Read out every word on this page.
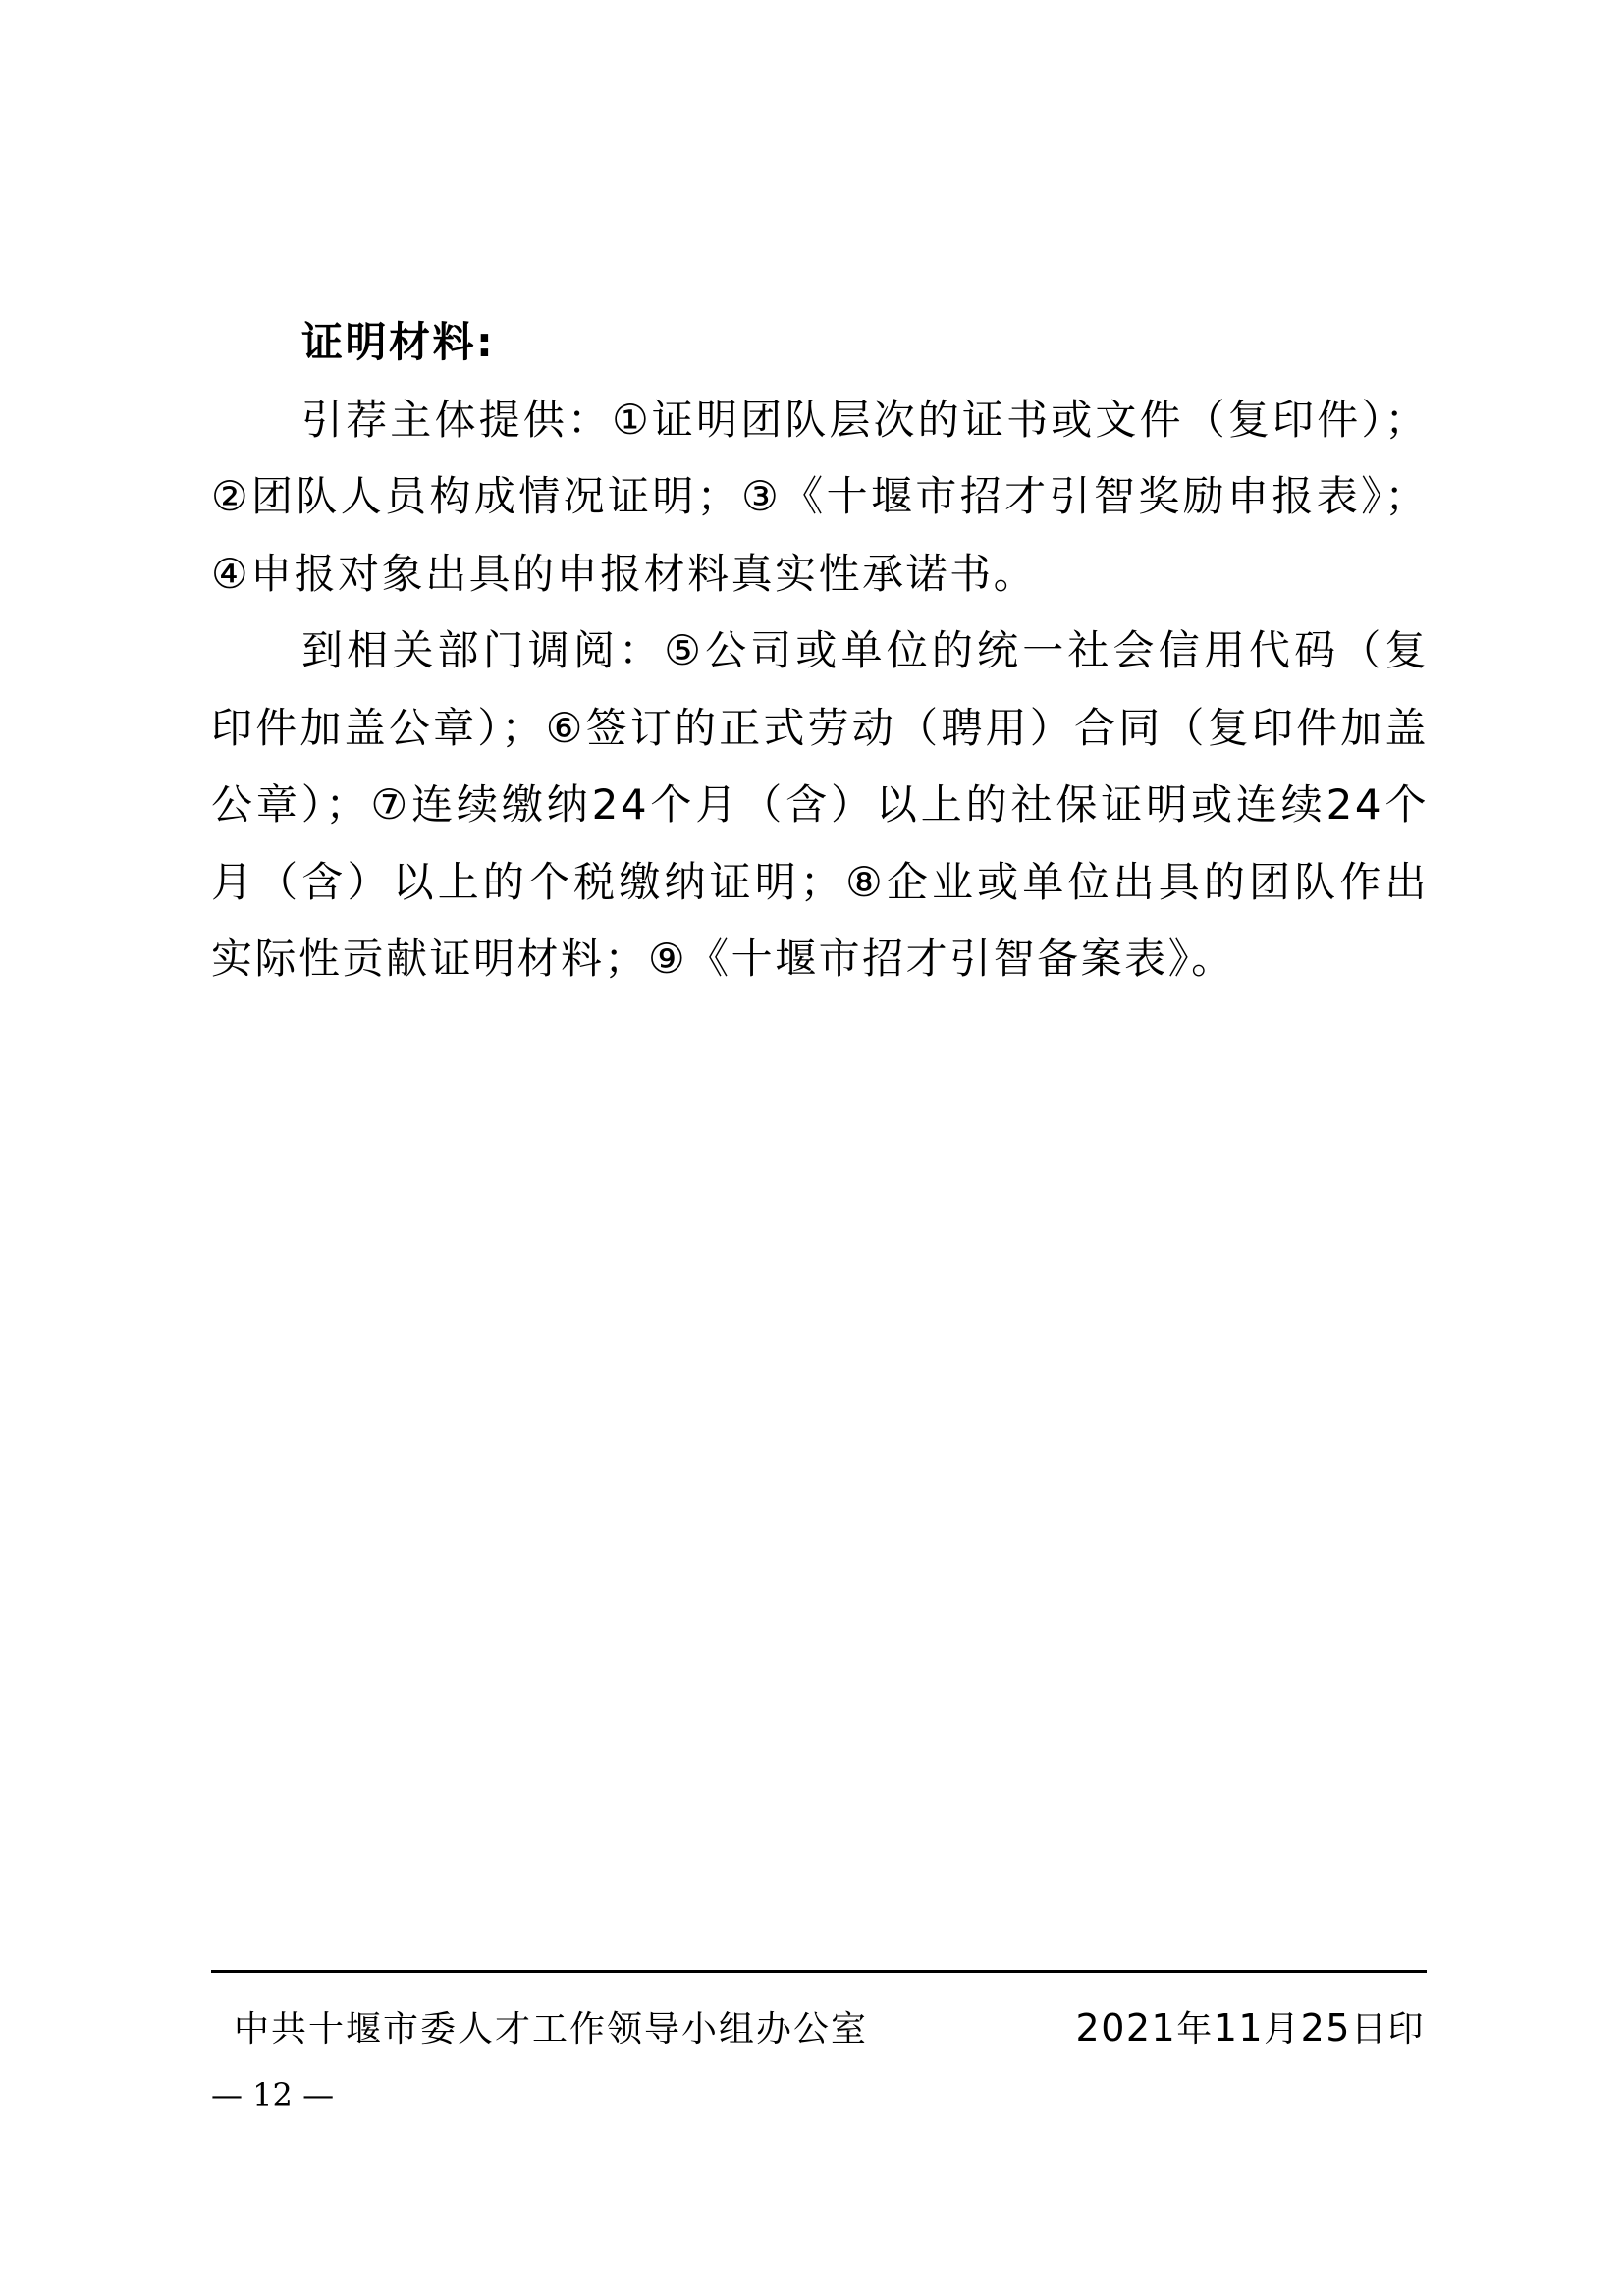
证明材料:

引荐主体提供：①证明团队层次的证书或文件（复印件）；②团队人员构成情况证明；③《十堰市招才引智奖励申报表》；④申报对象出具的申报材料真实性承诺书。

到相关部门调阅：⑤公司或单位的统一社会信用代码（复印件加盖公章）；⑥签订的正式劳动（聘用）合同（复印件加盖公章）；⑦连续缴纳24个月（含）以上的社保证明或连续24个月（含）以上的个税缴纳证明；⑧企业或单位出具的团队作出实际性贡献证明材料；⑨《十堰市招才引智备案表》。

中共十堰市委人才工作领导小组办公室	2021年11月25日印
— 12 —
